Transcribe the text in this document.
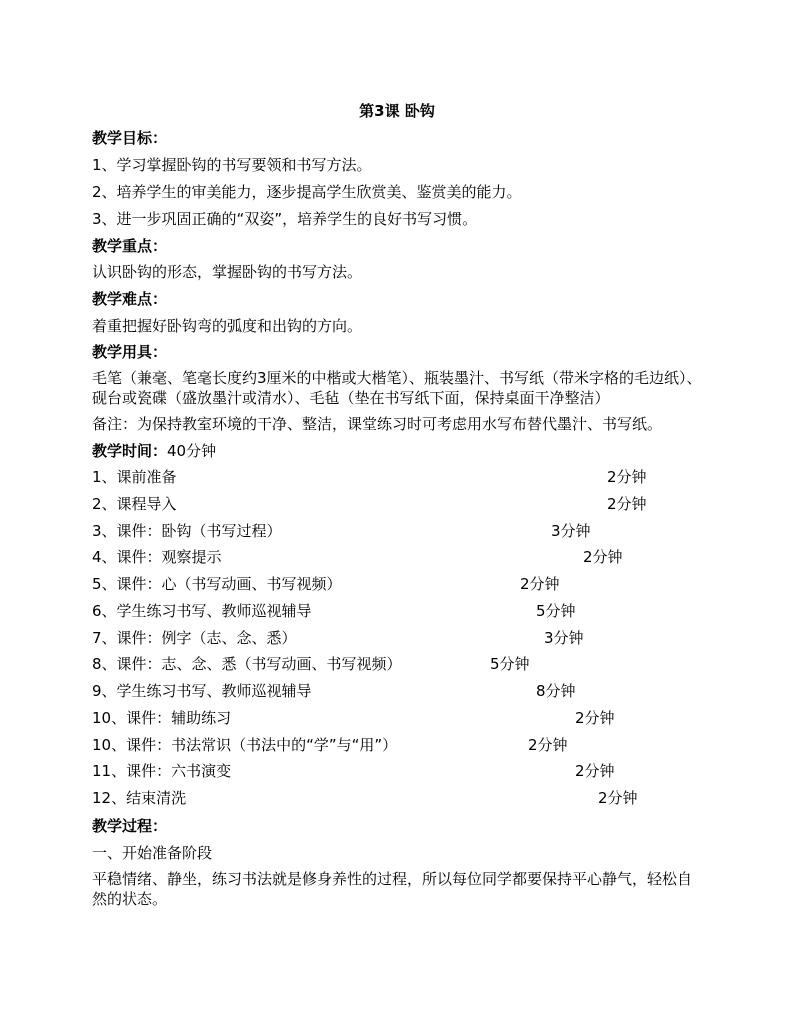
第3课 卧钩
教学目标：
1、学习掌握卧钩的书写要领和书写方法。
2、培养学生的审美能力，逐步提高学生欣赏美、鉴赏美的能力。
3、进一步巩固正确的“双姿”，培养学生的良好书写习惯。
教学重点：
认识卧钩的形态，掌握卧钩的书写方法。
教学难点：
着重把握好卧钩弯的弧度和出钩的方向。
教学用具：
毛笔（兼毫、笔毫长度约3厘米的中楷或大楷笔）、瓶装墨汁、书写纸（带米字格的毛边纸）、砚台或瓷碟（盛放墨汁或清水）、毛毡（垫在书写纸下面，保持桌面干净整洁）
备注：为保持教室环境的干净、整洁，课堂练习时可考虑用水写布替代墨汁、书写纸。
教学时间：40分钟
1、课前准备	2分钟
2、课程导入	2分钟
3、课件：卧钩（书写过程）	3分钟
4、课件：观察提示	2分钟
5、课件：心（书写动画、书写视频）	2分钟
6、学生练习书写、教师巡视辅导	5分钟
7、课件：例字（志、念、悉）	3分钟
8、课件：志、念、悉（书写动画、书写视频）	5分钟
9、学生练习书写、教师巡视辅导	8分钟
10、课件：辅助练习	2分钟
10、课件：书法常识（书法中的“学”与“用”）	2分钟
11、课件：六书演变	2分钟
12、结束清洗	2分钟
教学过程：
一、开始准备阶段
平稳情绪、静坐，练习书法就是修身养性的过程，所以每位同学都要保持平心静气，轻松自然的状态。
